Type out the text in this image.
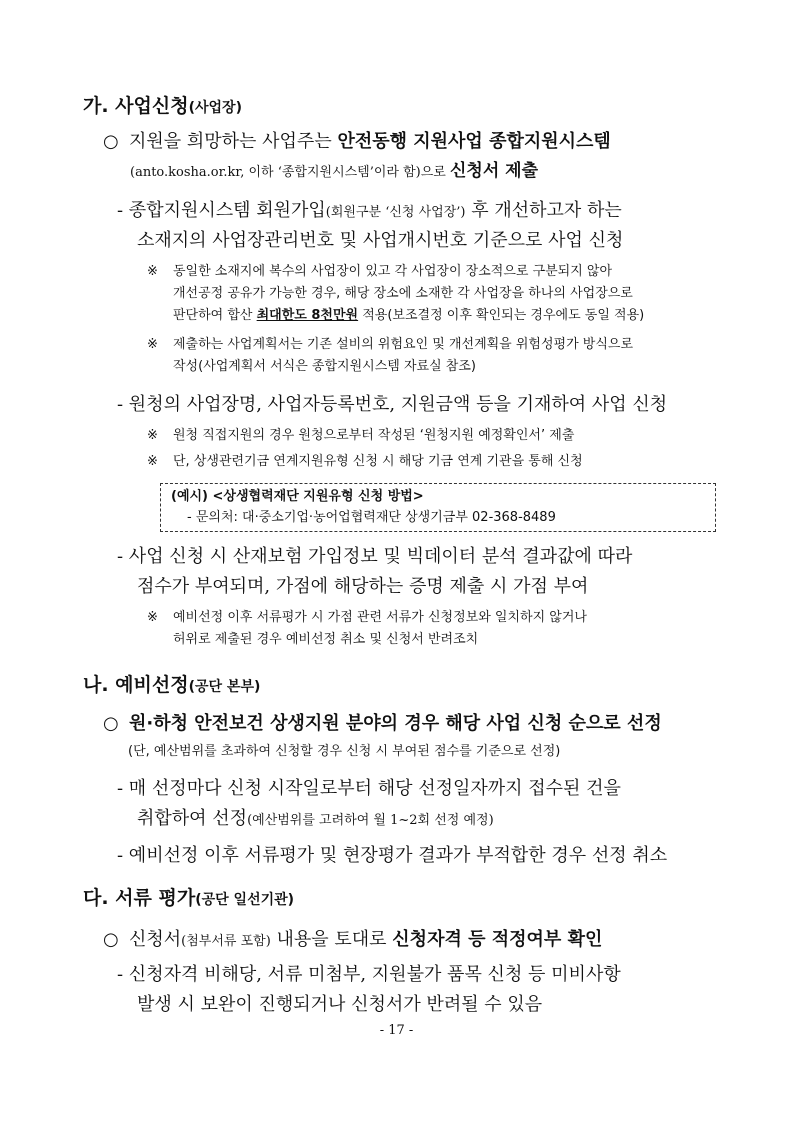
가. 사업신청(사업장)
○ 지원을 희망하는 사업주는 안전동행 지원사업 종합지원시스템
(anto.kosha.or.kr, 이하 ‘종합지원시스템’이라 함)으로 신청서 제출
- 종합지원시스템 회원가입(회원구분 ‘신청 사업장’) 후 개선하고자 하는
소재지의 사업장관리번호 및 사업개시번호 기준으로 사업 신청
※ 동일한 소재지에 복수의 사업장이 있고 각 사업장이 장소적으로 구분되지 않아
개선공정 공유가 가능한 경우, 해당 장소에 소재한 각 사업장을 하나의 사업장으로
판단하여 합산 최대한도 8천만원 적용(보조결정 이후 확인되는 경우에도 동일 적용)
※ 제출하는 사업계획서는 기존 설비의 위험요인 및 개선계획을 위험성평가 방식으로
작성(사업계획서 서식은 종합지원시스템 자료실 참조)
- 원청의 사업장명, 사업자등록번호, 지원금액 등을 기재하여 사업 신청
※ 원청 직접지원의 경우 원청으로부터 작성된 ‘원청지원 예정확인서’ 제출
※ 단, 상생관련기금 연계지원유형 신청 시 해당 기금 연계 기관을 통해 신청
(예시) <상생협력재단 지원유형 신청 방법>
- 문의처: 대·중소기업·농어업협력재단 상생기금부 02-368-8489
- 사업 신청 시 산재보험 가입정보 및 빅데이터 분석 결과값에 따라
점수가 부여되며, 가점에 해당하는 증명 제출 시 가점 부여
※ 예비선정 이후 서류평가 시 가점 관련 서류가 신청정보와 일치하지 않거나
허위로 제출된 경우 예비선정 취소 및 신청서 반려조치
나. 예비선정(공단 본부)
○ 원·하청 안전보건 상생지원 분야의 경우 해당 사업 신청 순으로 선정
(단, 예산범위를 초과하여 신청할 경우 신청 시 부여된 점수를 기준으로 선정)
- 매 선정마다 신청 시작일로부터 해당 선정일자까지 접수된 건을
취합하여 선정(예산범위를 고려하여 월 1~2회 선정 예정)
- 예비선정 이후 서류평가 및 현장평가 결과가 부적합한 경우 선정 취소
다. 서류 평가(공단 일선기관)
○ 신청서(첨부서류 포함) 내용을 토대로 신청자격 등 적정여부 확인
- 신청자격 비해당, 서류 미첨부, 지원불가 품목 신청 등 미비사항
발생 시 보완이 진행되거나 신청서가 반려될 수 있음
- 17 -
